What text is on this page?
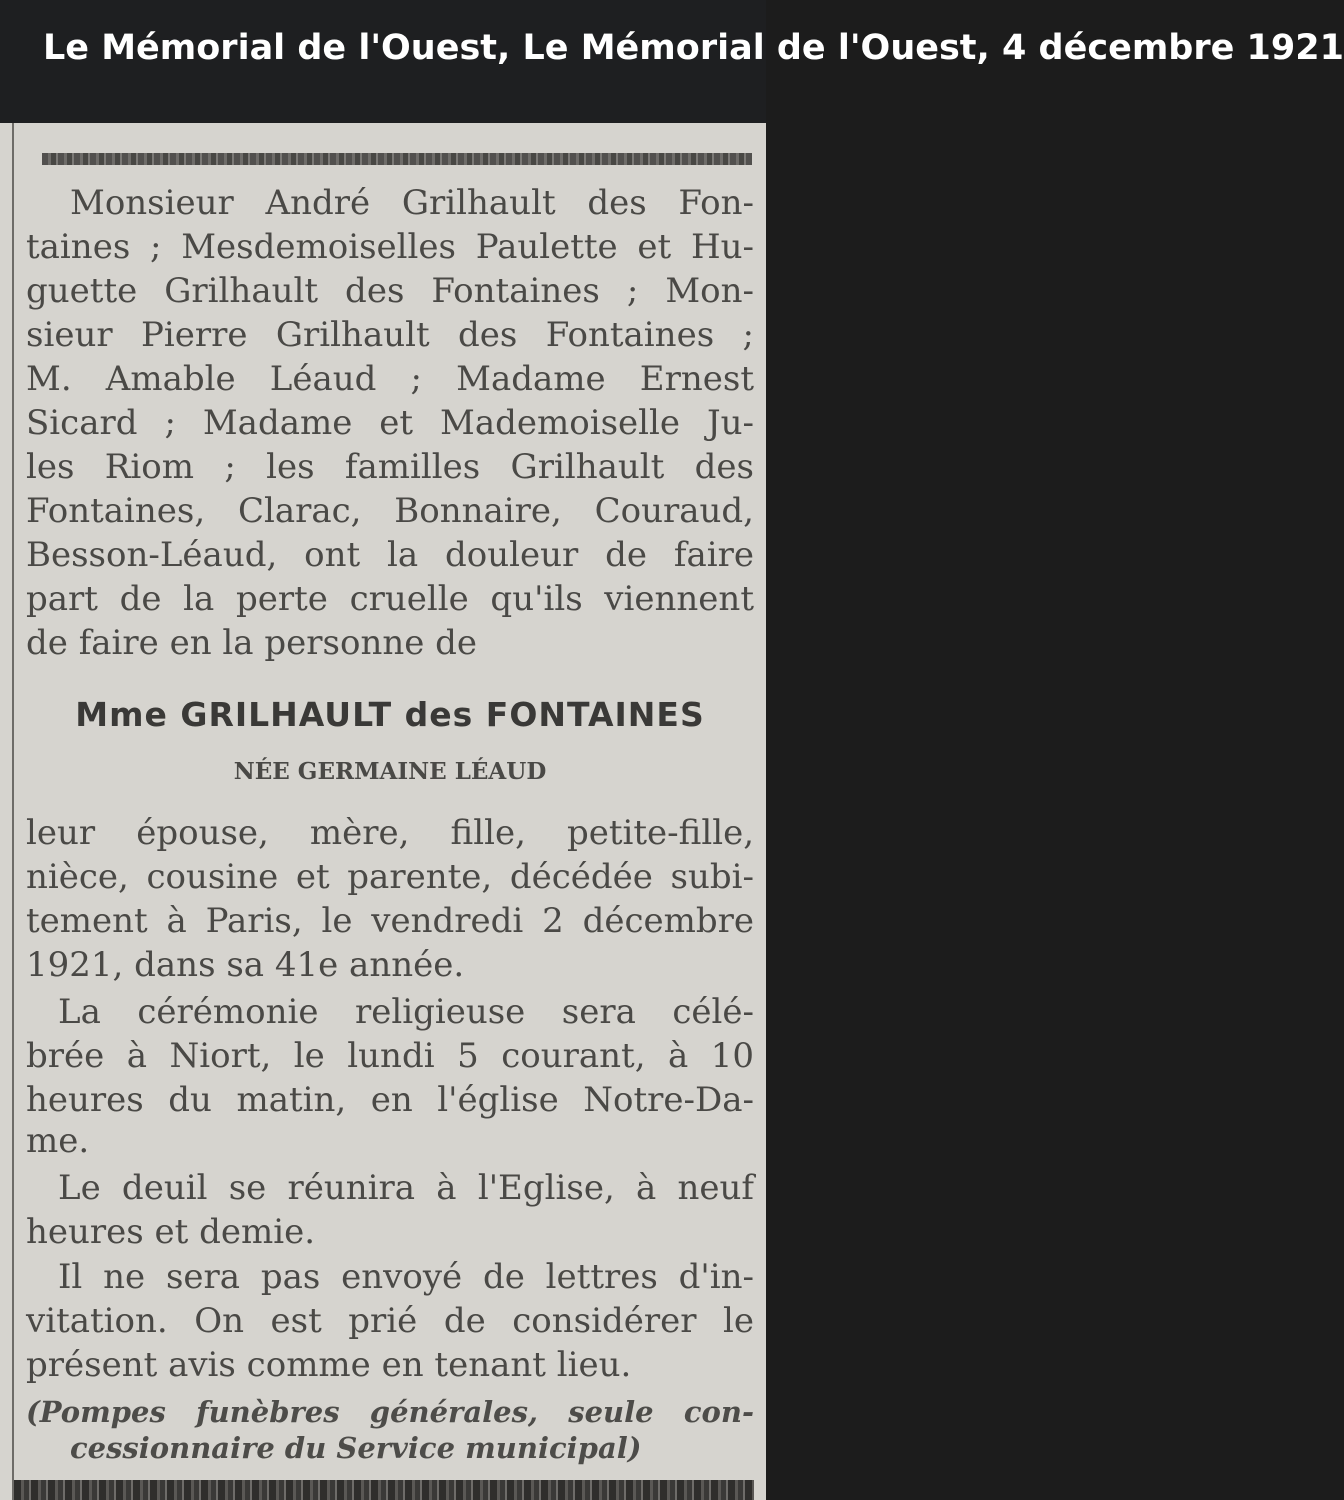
Le Mémorial de l'Ouest, Le Mémorial de l'Ouest, 4 décembre 1921
Monsieur André Grilhault des Fon-
taines ; Mesdemoiselles Paulette et Hu-
guette Grilhault des Fontaines ; Mon-
sieur Pierre Grilhault des Fontaines ;
M. Amable Léaud ; Madame Ernest
Sicard ; Madame et Mademoiselle Ju-
les Riom ; les familles Grilhault des
Fontaines, Clarac, Bonnaire, Couraud,
Besson-Léaud, ont la douleur de faire
part de la perte cruelle qu'ils viennent
de faire en la personne de
Mme GRILHAULT des FONTAINES
NÉE GERMAINE LÉAUD
leur épouse, mère, fille, petite-fille,
nièce, cousine et parente, décédée subi-
tement à Paris, le vendredi 2 décembre
1921, dans sa 41e année.
La cérémonie religieuse sera célé-
brée à Niort, le lundi 5 courant, à 10
heures du matin, en l'église Notre-Da-
me.
Le deuil se réunira à l'Eglise, à neuf
heures et demie.
Il ne sera pas envoyé de lettres d'in-
vitation. On est prié de considérer le
présent avis comme en tenant lieu.
(Pompes funèbres générales, seule con-
cessionnaire du Service municipal)
